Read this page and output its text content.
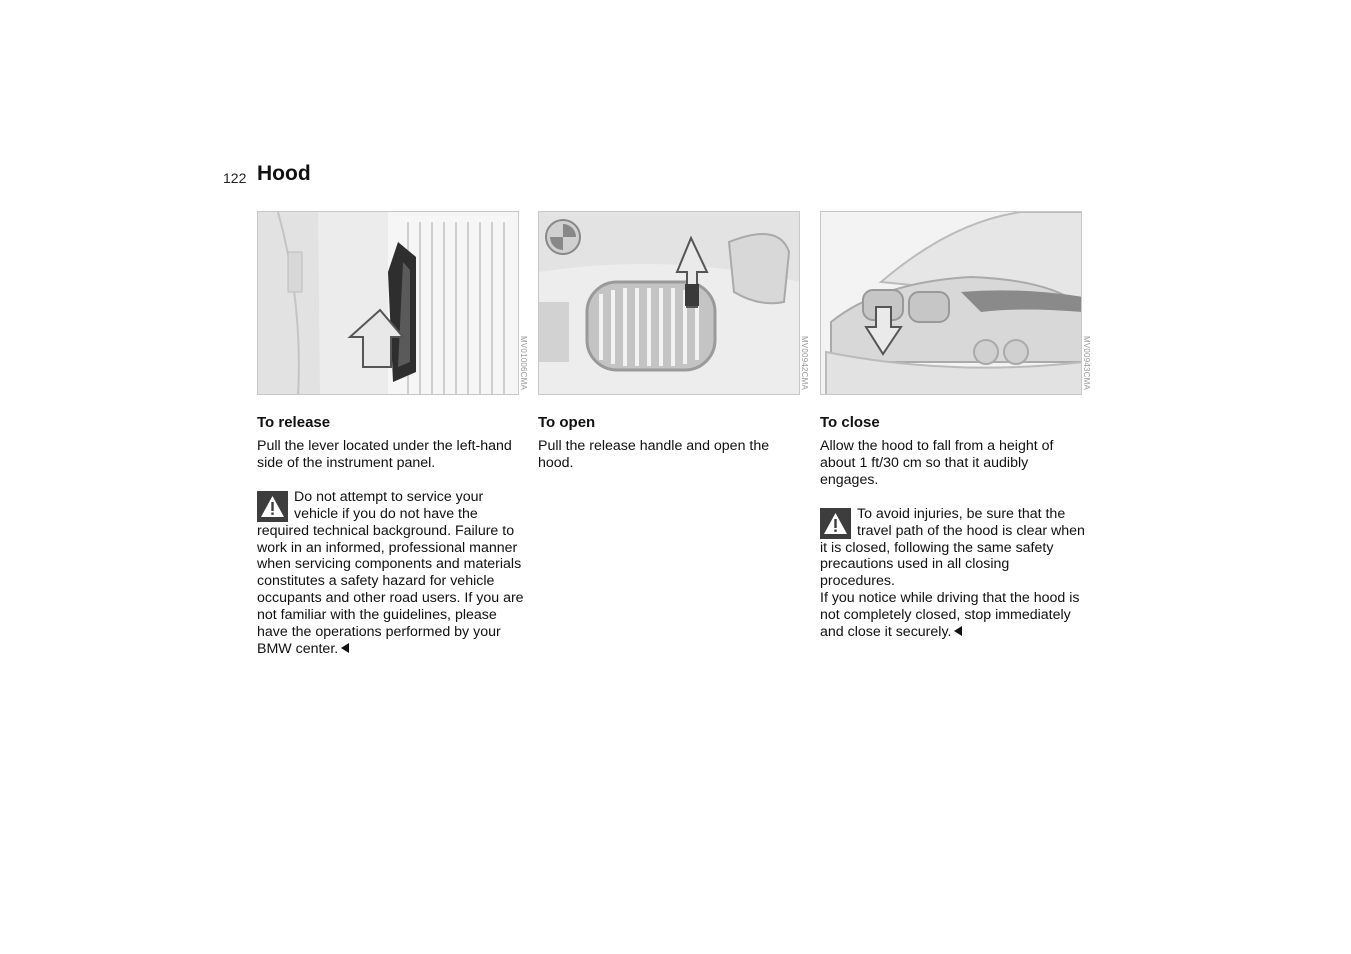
122 Hood
MV01006CMA	MV00942CMA	MV00943CMA
To release

Pull the lever located under the left-hand side of the instrument panel.

Do not attempt to service your vehicle if you do not have the required technical background. Failure to work in an informed, professional manner when servicing components and materials constitutes a safety hazard for vehicle occupants and other road users. If you are not familiar with the guidelines, please have the operations performed by your BMW center.
To open

Pull the release handle and open the hood.

To close

Allow the hood to fall from a height of about 1 ft/30 cm so that it audibly engages.

To avoid injuries, be sure that the travel path of the hood is clear when it is closed, following the same safety precautions used in all closing procedures.
If you notice while driving that the hood is not completely closed, stop immediately and close it securely.
